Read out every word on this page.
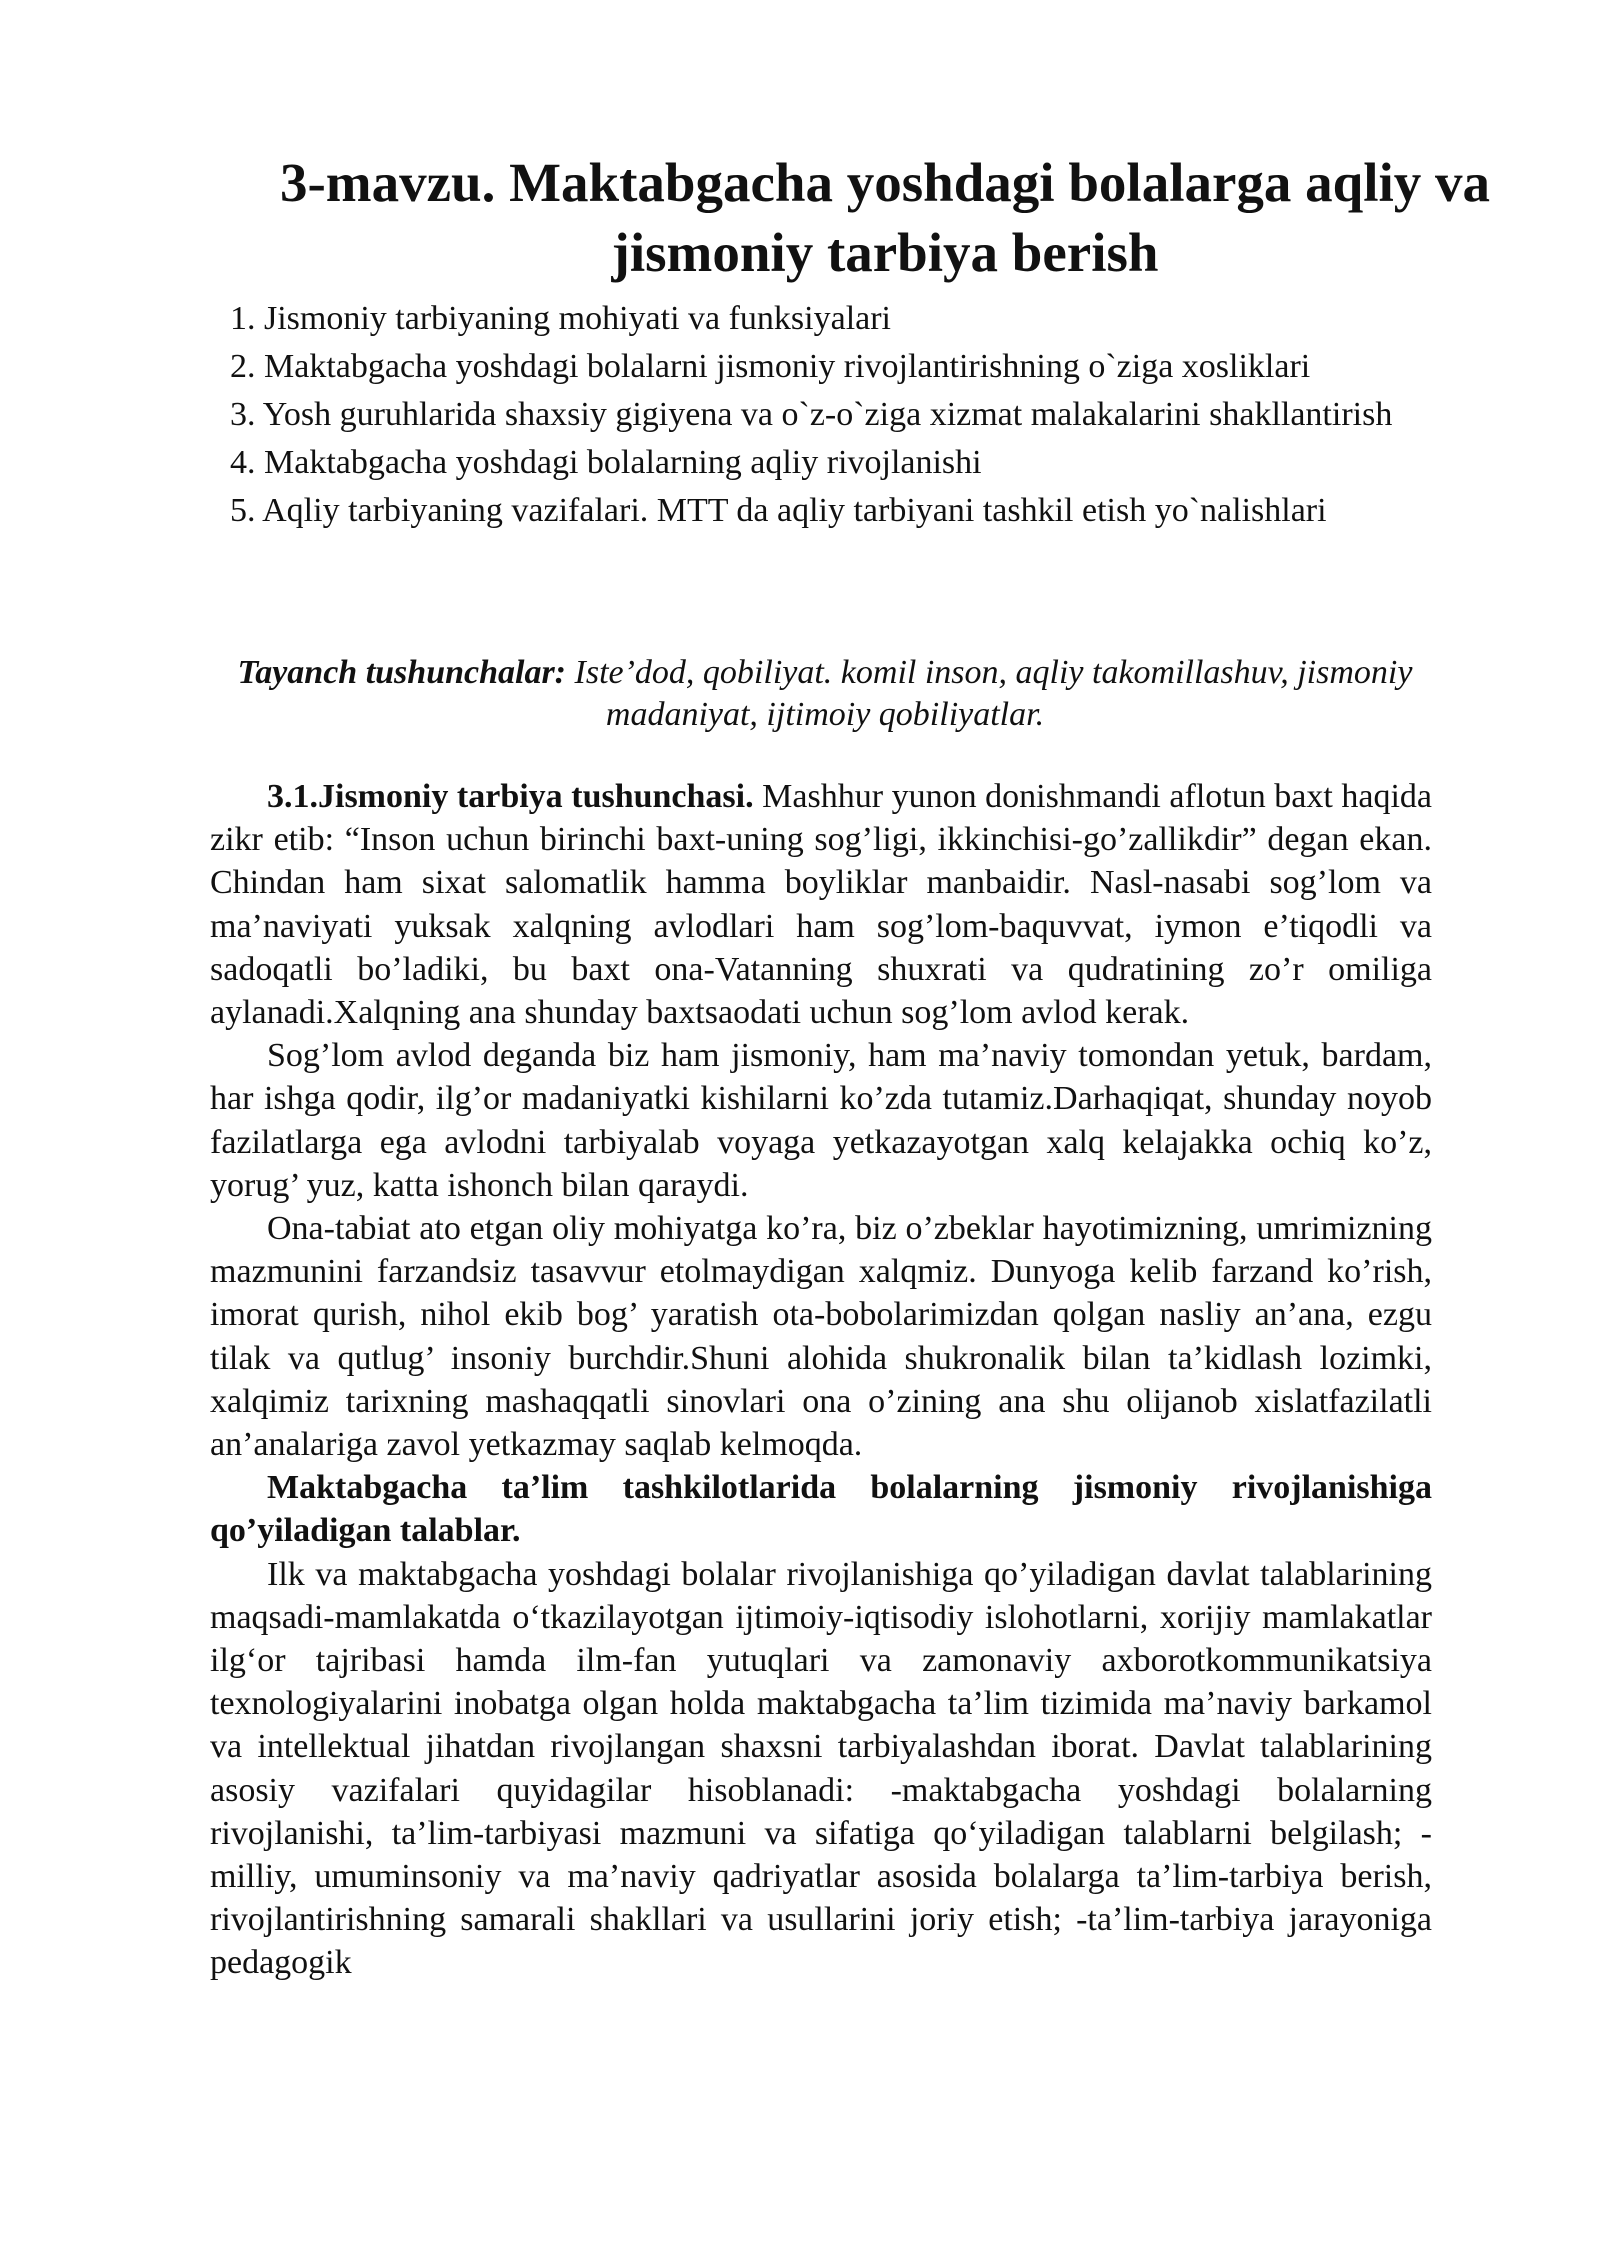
3-mavzu. Maktabgacha yoshdagi bolalarga aqliy va jismoniy tarbiya berish
1. Jismoniy tarbiyaning mohiyati va funksiyalari
2. Maktabgacha yoshdagi bolalarni jismoniy rivojlantirishning o`ziga xosliklari
3. Yosh guruhlarida shaxsiy gigiyena va o`z-o`ziga xizmat malakalarini shakllantirish
4. Maktabgacha yoshdagi bolalarning aqliy rivojlanishi
5. Aqliy tarbiyaning vazifalari. MTT da aqliy tarbiyani tashkil etish yo`nalishlari

Tayanch tushunchalar: Iste’dod, qobiliyat. komil inson, aqliy takomillashuv, jismoniy madaniyat, ijtimoiy qobiliyatlar.

3.1.Jismoniy tarbiya tushunchasi. Mashhur yunon donishmandi aflotun baxt haqida zikr etib: “Inson uchun birinchi baxt-uning sog’ligi, ikkinchisi-go’zallikdir” degan ekan. Chindan ham sixat salomatlik hamma boyliklar manbaidir. Nasl-nasabi sog’lom va ma’naviyati yuksak xalqning avlodlari ham sog’lom-baquvvat, iymon e’tiqodli va sadoqatli bo’ladiki, bu baxt ona-Vatanning shuxrati va qudratining zo’r omiliga aylanadi.Xalqning ana shunday baxtsaodati uchun sog’lom avlod kerak.

Sog’lom avlod deganda biz ham jismoniy, ham ma’naviy tomondan yetuk, bardam, har ishga qodir, ilg’or madaniyatki kishilarni ko’zda tutamiz.Darhaqiqat, shunday noyob fazilatlarga ega avlodni tarbiyalab voyaga yetkazayotgan xalq kelajakka ochiq ko’z, yorug’ yuz, katta ishonch bilan qaraydi.

Ona-tabiat ato etgan oliy mohiyatga ko’ra, biz o’zbeklar hayotimizning, umrimizning mazmunini farzandsiz tasavvur etolmaydigan xalqmiz. Dunyoga kelib farzand ko’rish, imorat qurish, nihol ekib bog’ yaratish ota-bobolarimizdan qolgan nasliy an’ana, ezgu tilak va qutlug’ insoniy burchdir.Shuni alohida shukronalik bilan ta’kidlash lozimki, xalqimiz tarixning mashaqqatli sinovlari ona o’zining ana shu olijanob xislatfazilatli an’analariga zavol yetkazmay saqlab kelmoqda.

Maktabgacha ta’lim tashkilotlarida bolalarning jismoniy rivojlanishiga qo’yiladigan talablar.

Ilk va maktabgacha yoshdagi bolalar rivojlanishiga qo’yiladigan davlat talablarining maqsadi-mamlakatda o‘tkazilayotgan ijtimoiy-iqtisodiy islohotlarni, xorijiy mamlakatlar ilg‘or tajribasi hamda ilm-fan yutuqlari va zamonaviy axborotkommunikatsiya texnologiyalarini inobatga olgan holda maktabgacha ta’lim tizimida ma’naviy barkamol va intellektual jihatdan rivojlangan shaxsni tarbiyalashdan iborat. Davlat talablarining asosiy vazifalari quyidagilar hisoblanadi: -maktabgacha yoshdagi bolalarning rivojlanishi, ta’lim-tarbiyasi mazmuni va sifatiga qo‘yiladigan talablarni belgilash; -milliy, umuminsoniy va ma’naviy qadriyatlar asosida bolalarga ta’lim-tarbiya berish, rivojlantirishning samarali shakllari va usullarini joriy etish; -ta’lim-tarbiya jarayoniga pedagogik
